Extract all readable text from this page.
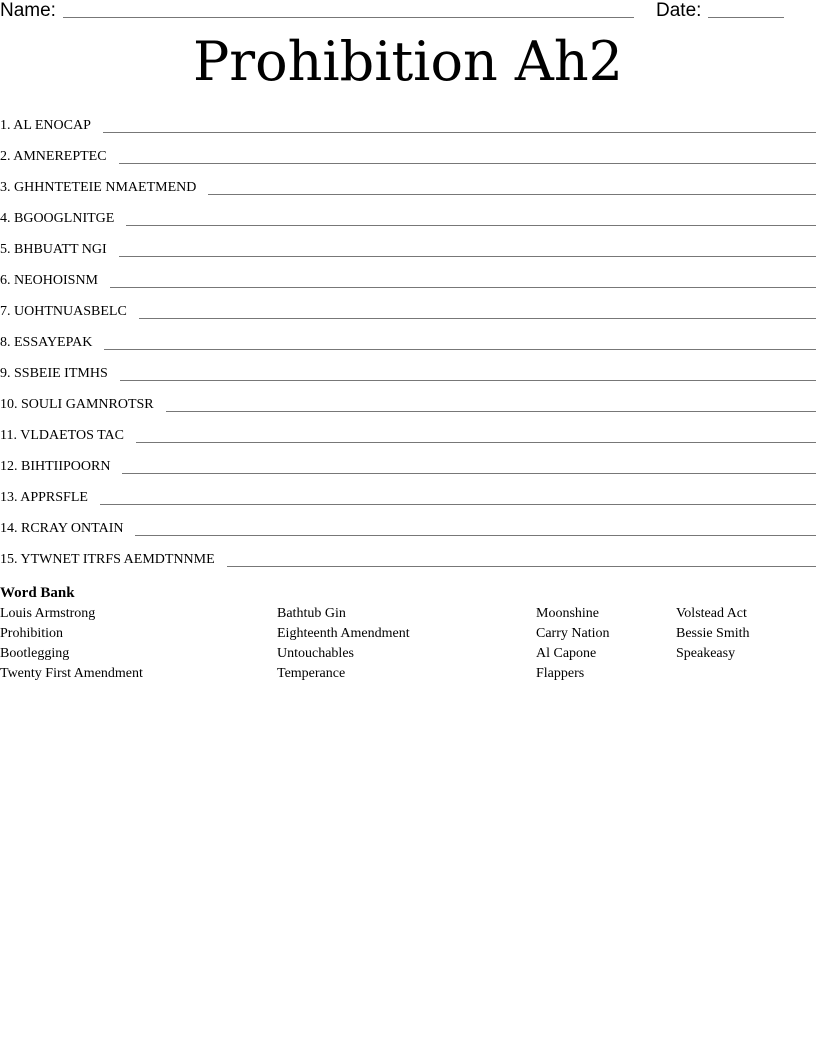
Name:	Date:
Prohibition Ah2
1. AL ENOCAP
2. AMNEREPTEC
3. GHHNTETEIE NMAETMEND
4. BGOOGLNITGE
5. BHBUATT NGI
6. NEOHOISNM
7. UOHTNUASBELC
8. ESSAYEPAK
9. SSBEIE ITMHS
10. SOULI GAMNROTSR
11. VLDAETOS TAC
12. BIHTIIPOORN
13. APPRSFLE
14. RCRAY ONTAIN
15. YTWNET ITRFS AEMDTNNME
Word Bank
Louis Armstrong
Prohibition
Bootlegging
Twenty First Amendment
Bathtub Gin
Eighteenth Amendment
Untouchables
Temperance
Moonshine
Carry Nation
Al Capone
Flappers
Volstead Act
Bessie Smith
Speakeasy
